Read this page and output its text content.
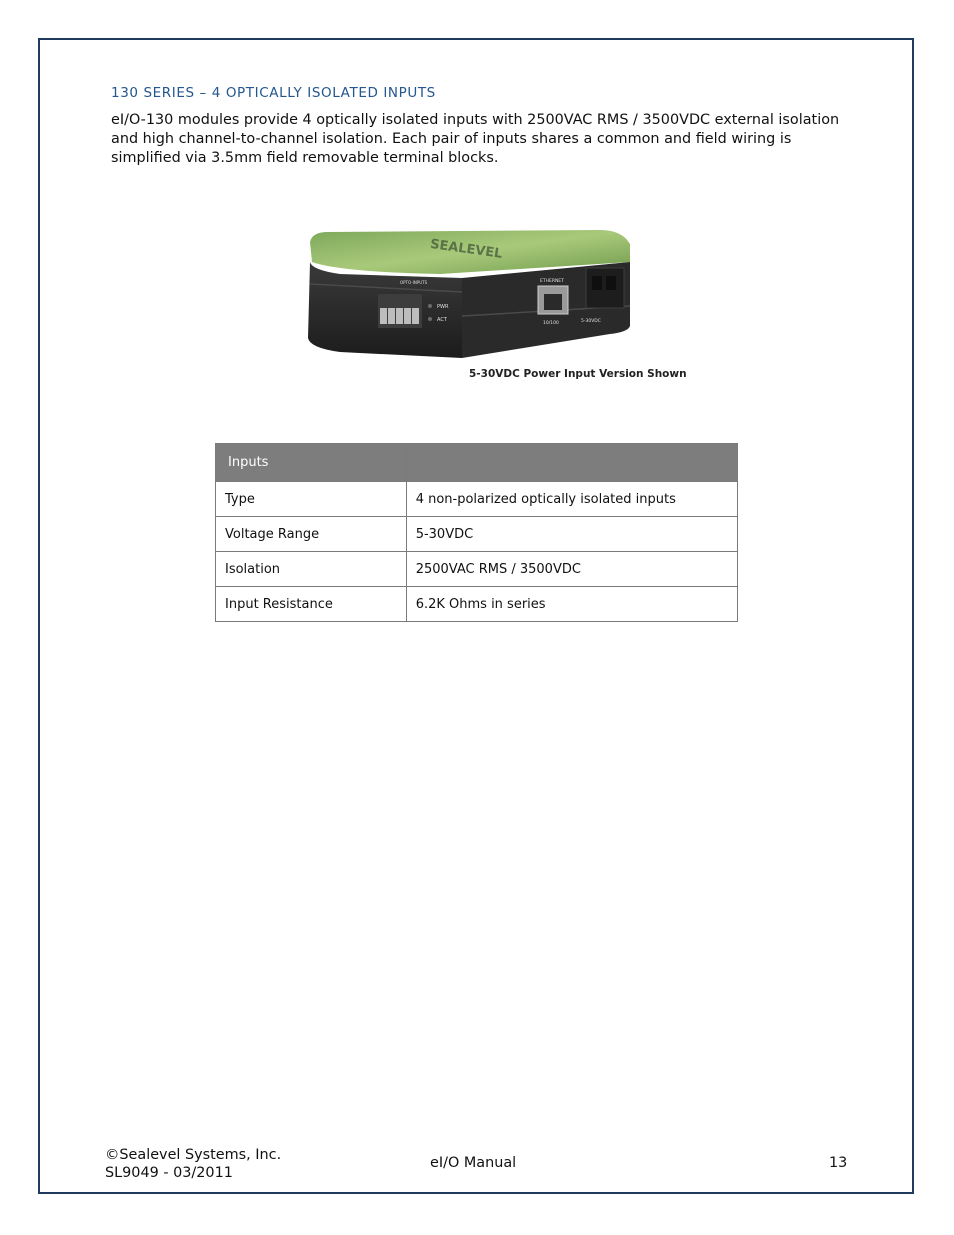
130 SERIES – 4 OPTICALLY ISOLATED INPUTS

eI/O-130 modules provide 4 optically isolated inputs with 2500VAC RMS / 3500VDC external isolation and high channel-to-channel isolation. Each pair of inputs shares a common and field wiring is simplified via 3.5mm field removable terminal blocks.

SEALEVEL
OPTO-INPUTS
PWR
ACT
ETHERNET
10/100	5-30VDC
5-30VDC Power Input Version Shown
Inputs	
Type	4 non-polarized optically isolated inputs
Voltage Range	5-30VDC
Isolation	2500VAC RMS / 3500VDC
Input Resistance	6.2K Ohms in series
©Sealevel Systems, Inc.
SL9049 - 03/2011
eI/O Manual	13
